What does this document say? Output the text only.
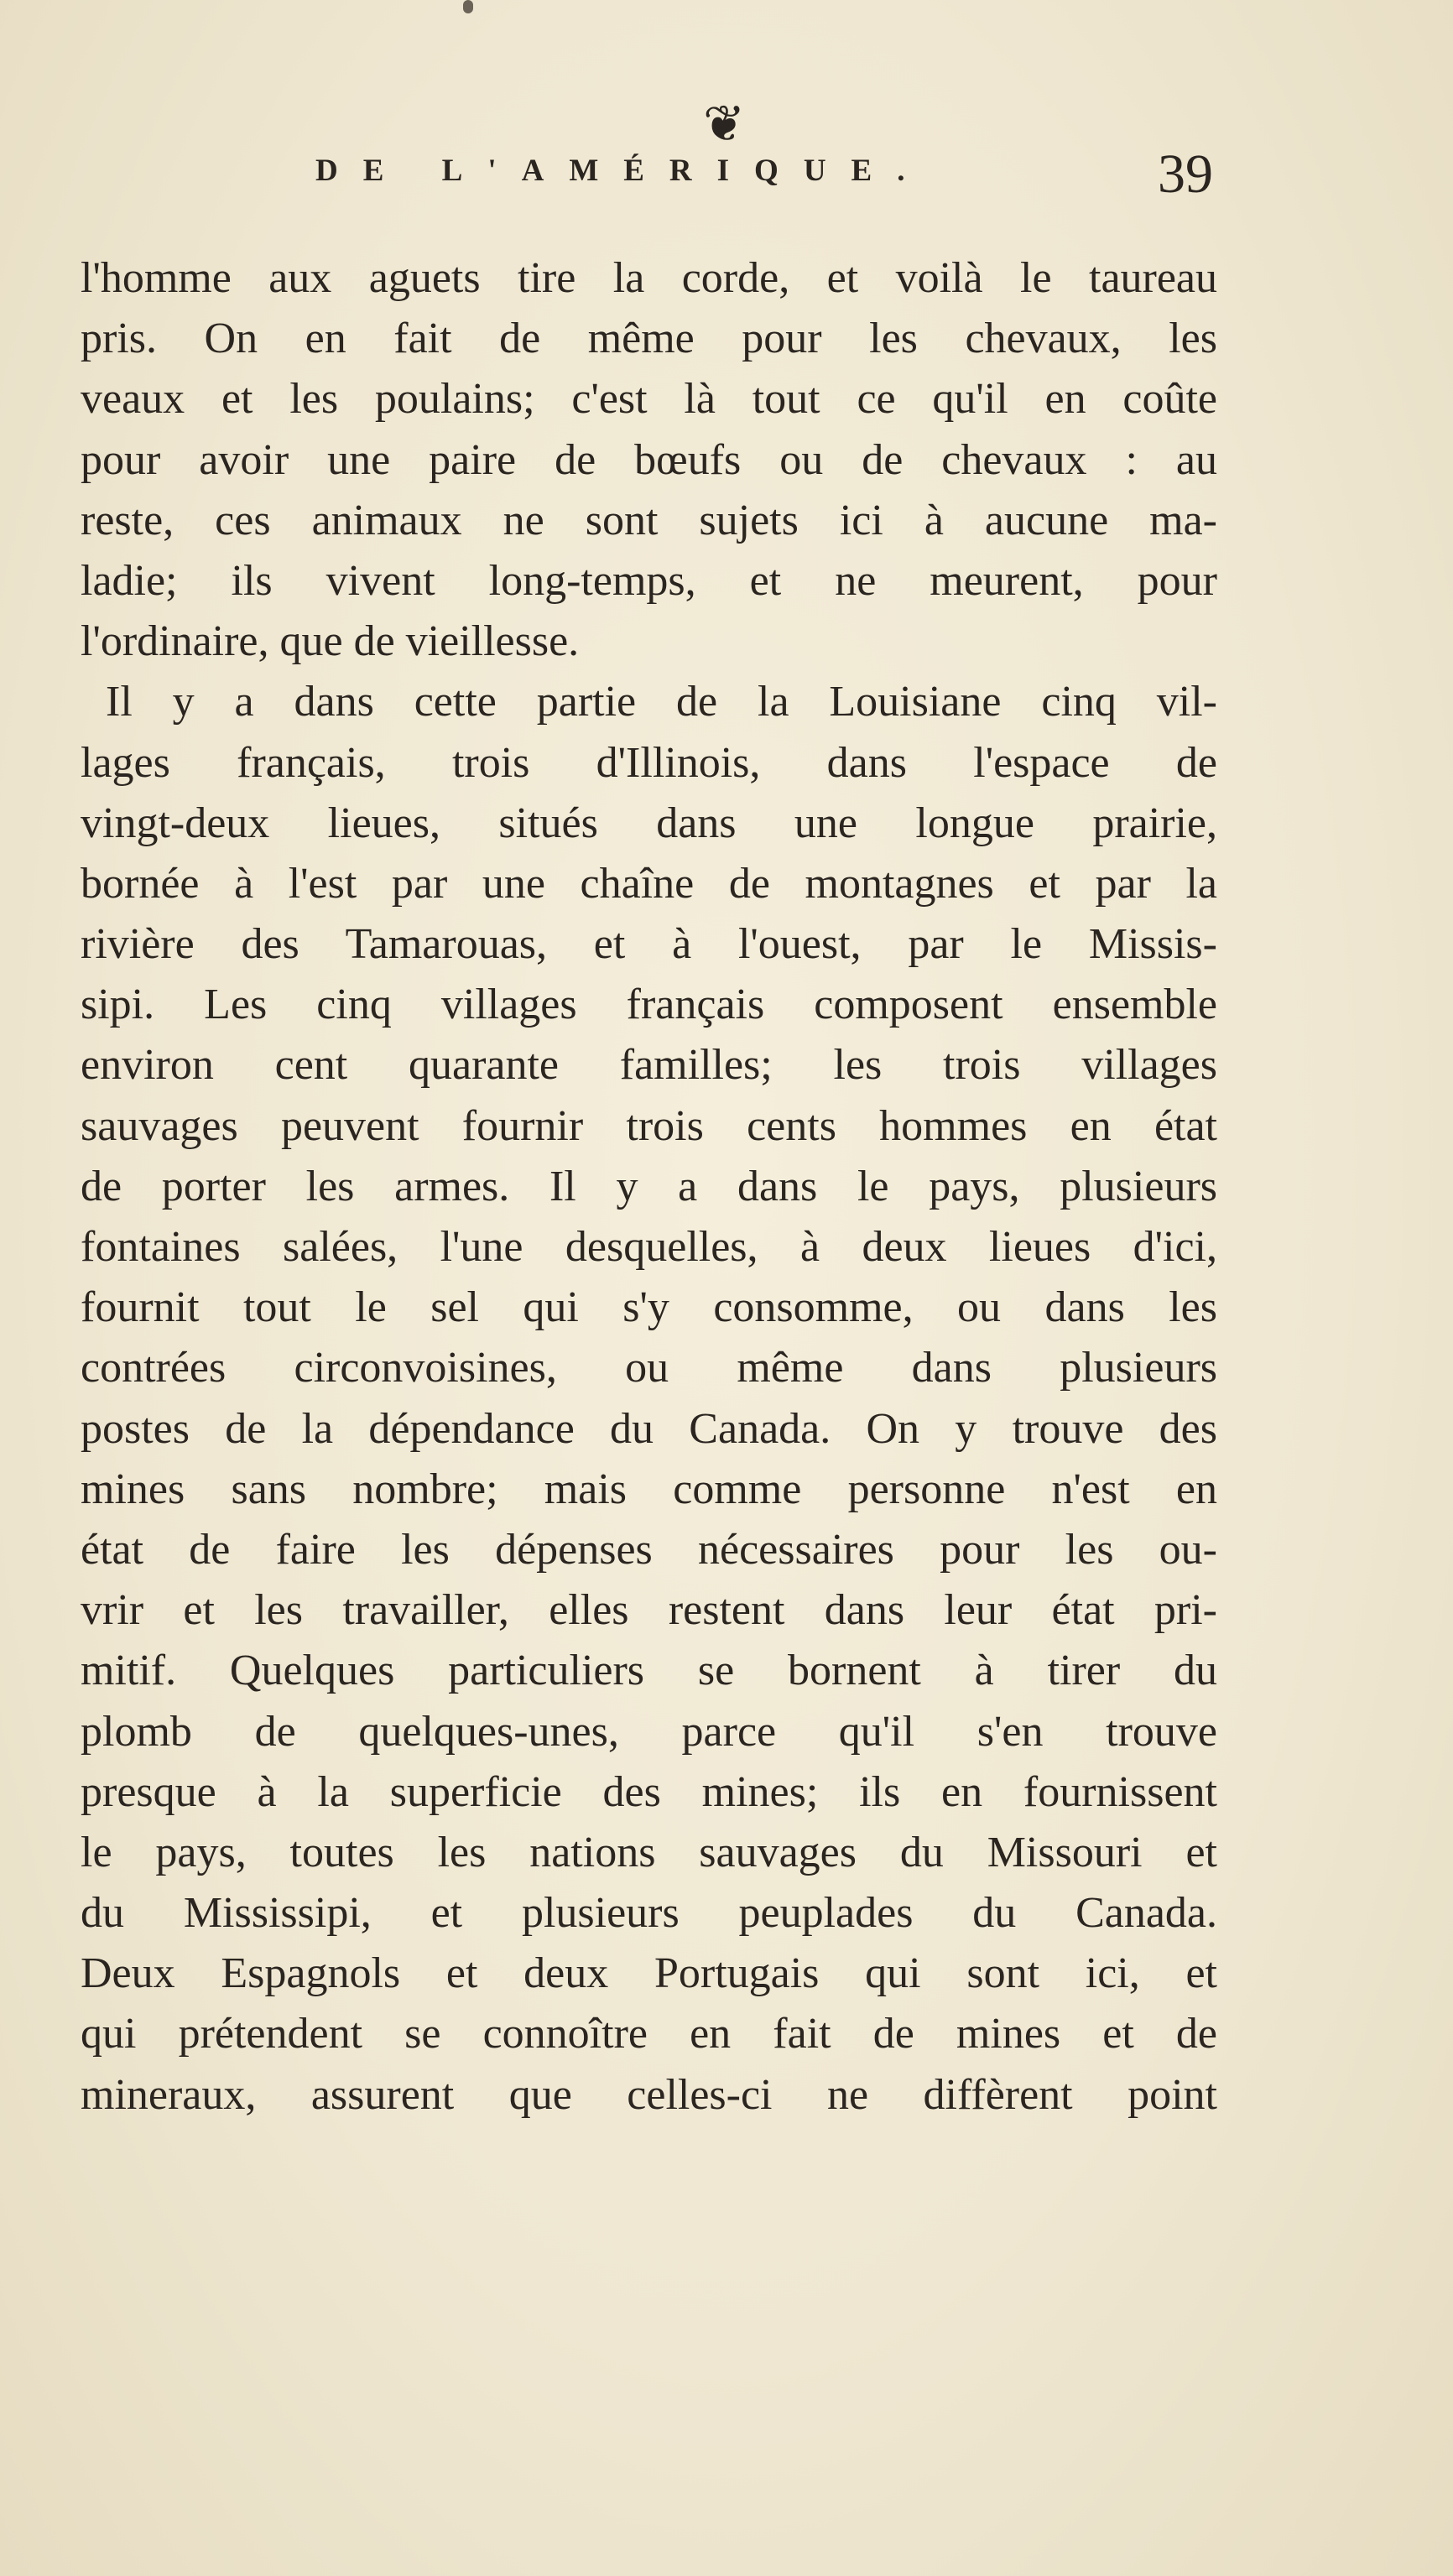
❦
DE L'AMÉRIQUE.	39
l'homme aux aguets tire la corde, et voilà le taureau
pris. On en fait de même pour les chevaux, les
veaux et les poulains; c'est là tout ce qu'il en coûte
pour avoir une paire de bœufs ou de chevaux : au
reste, ces animaux ne sont sujets ici à aucune ma-
ladie; ils vivent long-temps, et ne meurent, pour
l'ordinaire, que de vieillesse.
Il y a dans cette partie de la Louisiane cinq vil-
lages français, trois d'Illinois, dans l'espace de
vingt-deux lieues, situés dans une longue prairie,
bornée à l'est par une chaîne de montagnes et par la
rivière des Tamarouas, et à l'ouest, par le Missis-
sipi. Les cinq villages français composent ensemble
environ cent quarante familles; les trois villages
sauvages peuvent fournir trois cents hommes en état
de porter les armes. Il y a dans le pays, plusieurs
fontaines salées, l'une desquelles, à deux lieues d'ici,
fournit tout le sel qui s'y consomme, ou dans les
contrées circonvoisines, ou même dans plusieurs
postes de la dépendance du Canada. On y trouve des
mines sans nombre; mais comme personne n'est en
état de faire les dépenses nécessaires pour les ou-
vrir et les travailler, elles restent dans leur état pri-
mitif. Quelques particuliers se bornent à tirer du
plomb de quelques-unes, parce qu'il s'en trouve
presque à la superficie des mines; ils en fournissent
le pays, toutes les nations sauvages du Missouri et
du Mississipi, et plusieurs peuplades du Canada.
Deux Espagnols et deux Portugais qui sont ici, et
qui prétendent se connoître en fait de mines et de
mineraux, assurent que celles-ci ne diffèrent point
